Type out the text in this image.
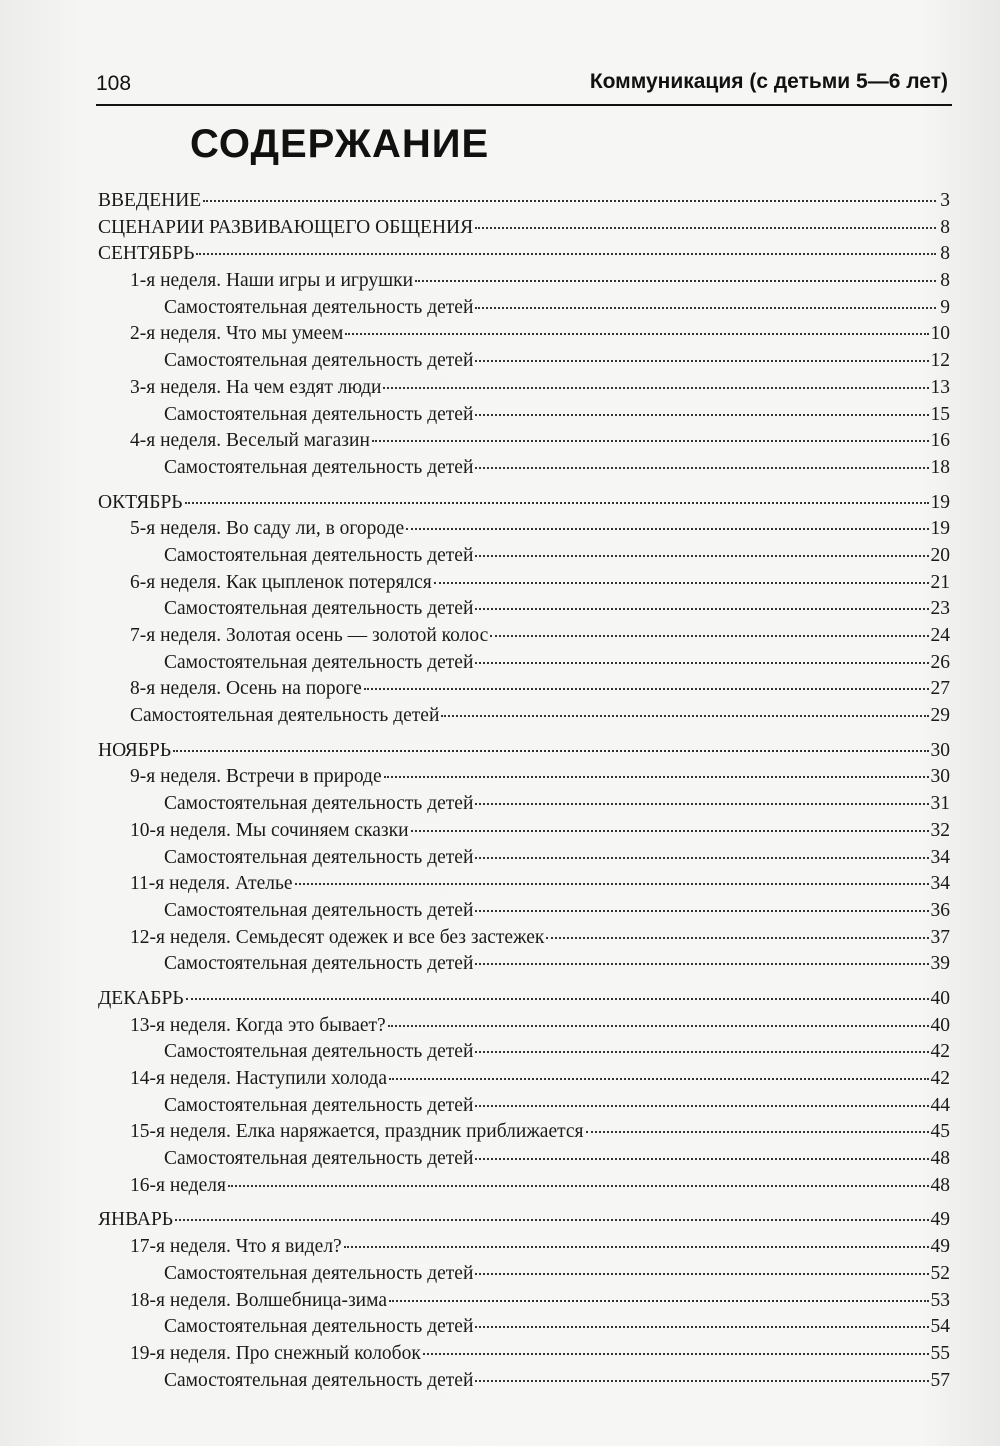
108	Коммуникация (с детьми 5—6 лет)
СОДЕРЖАНИЕ
ВВЕДЕНИЕ	3
СЦЕНАРИИ РАЗВИВАЮЩЕГО ОБЩЕНИЯ	8
СЕНТЯБРЬ	8
1-я неделя. Наши игры и игрушки	8
Самостоятельная деятельность детей	9
2-я неделя. Что мы умеем	10
Самостоятельная деятельность детей	12
3-я неделя. На чем ездят люди	13
Самостоятельная деятельность детей	15
4-я неделя. Веселый магазин	16
Самостоятельная деятельность детей	18
ОКТЯБРЬ	19
5-я неделя. Во саду ли, в огороде	19
Самостоятельная деятельность детей	20
6-я неделя. Как цыпленок потерялся	21
Самостоятельная деятельность детей	23
7-я неделя. Золотая осень — золотой колос	24
Самостоятельная деятельность детей	26
8-я неделя. Осень на пороге	27
Самостоятельная деятельность детей	29
НОЯБРЬ	30
9-я неделя. Встречи в природе	30
Самостоятельная деятельность детей	31
10-я неделя. Мы сочиняем сказки	32
Самостоятельная деятельность детей	34
11-я неделя. Ателье	34
Самостоятельная деятельность детей	36
12-я неделя. Семьдесят одежек и все без застежек	37
Самостоятельная деятельность детей	39
ДЕКАБРЬ	40
13-я неделя. Когда это бывает?	40
Самостоятельная деятельность детей	42
14-я неделя. Наступили холода	42
Самостоятельная деятельность детей	44
15-я неделя. Елка наряжается, праздник приближается	45
Самостоятельная деятельность детей	48
16-я неделя	48
ЯНВАРЬ	49
17-я неделя. Что я видел?	49
Самостоятельная деятельность детей	52
18-я неделя. Волшебница-зима	53
Самостоятельная деятельность детей	54
19-я неделя. Про снежный колобок	55
Самостоятельная деятельность детей	57
